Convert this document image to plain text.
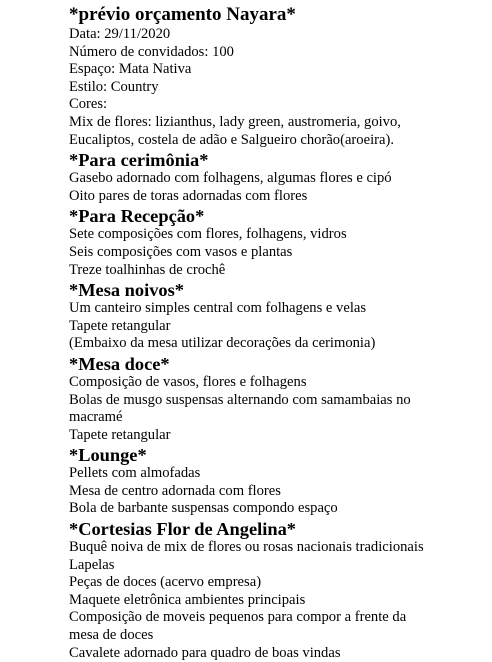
*prévio orçamento Nayara*
Data: 29/11/2020
Número de convidados: 100
Espaço: Mata Nativa
Estilo: Country
Cores:
Mix de flores: lizianthus, lady green, austromeria, goivo,
Eucaliptos, costela de adão e Salgueiro chorão(aroeira).
*Para cerimônia*
Gasebo adornado com folhagens, algumas flores e cipó
Oito pares de toras adornadas com flores
*Para Recepção*
Sete composições com flores, folhagens, vidros
Seis composições com vasos e plantas
Treze toalhinhas de crochê
*Mesa noivos*
Um canteiro simples central com folhagens e velas
Tapete retangular
(Embaixo da mesa utilizar decorações da cerimonia)
*Mesa doce*
Composição de vasos, flores e folhagens
Bolas de musgo suspensas alternando com samambaias no
macramé
Tapete retangular
*Lounge*
Pellets com almofadas
Mesa de centro adornada com flores
Bola de barbante suspensas compondo espaço
*Cortesias Flor de Angelina*
Buquê noiva de mix de flores ou rosas nacionais tradicionais
Lapelas
Peças de doces (acervo empresa)
Maquete eletrônica ambientes principais
Composição de moveis pequenos para compor a frente da
mesa de doces
Cavalete adornado para quadro de boas vindas
